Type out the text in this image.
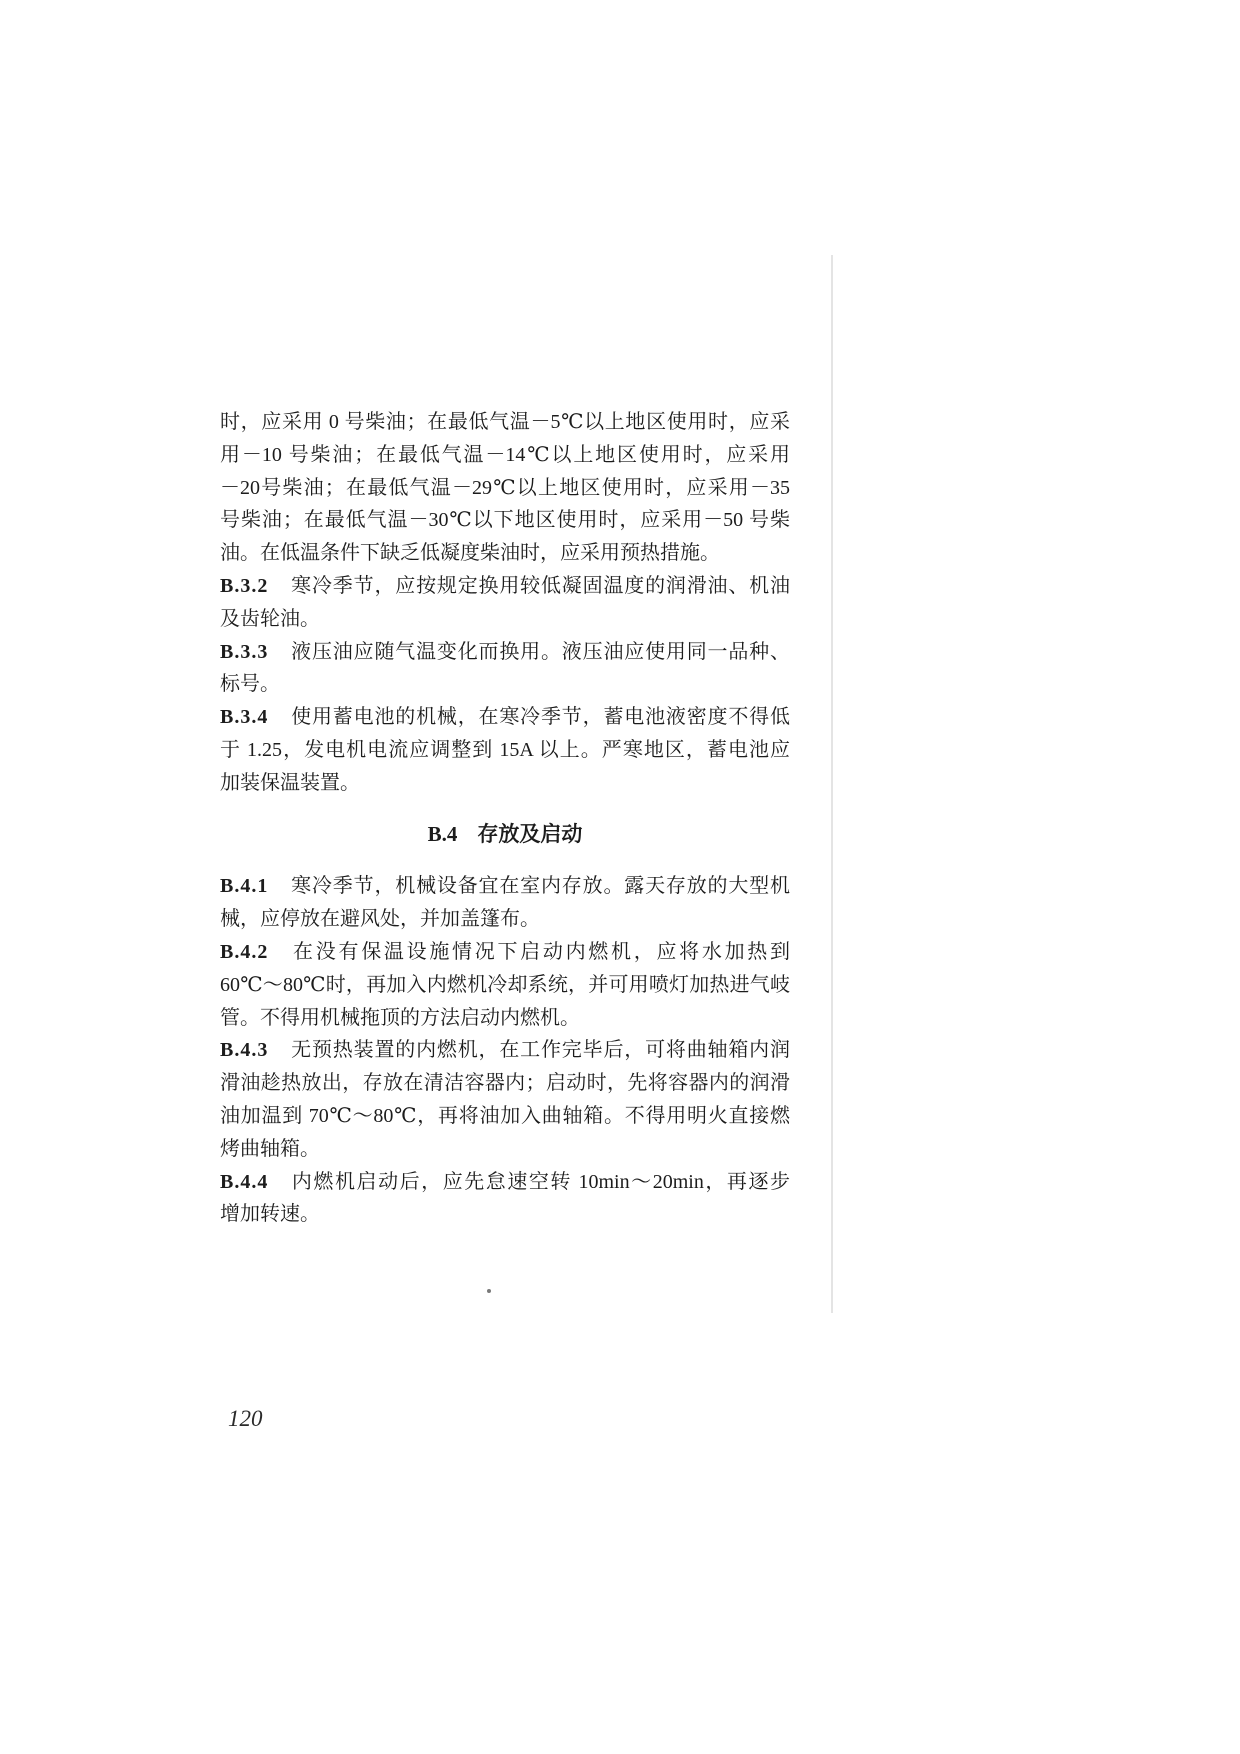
时，应采用 0 号柴油；在最低气温－5℃以上地区使用时，应采
用－10 号柴油；在最低气温－14℃以上地区使用时，应采用
－20号柴油；在最低气温－29℃以上地区使用时，应采用－35
号柴油；在最低气温－30℃以下地区使用时，应采用－50 号柴
油。在低温条件下缺乏低凝度柴油时，应采用预热措施。
B.3.2 寒冷季节，应按规定换用较低凝固温度的润滑油、机油
及齿轮油。
B.3.3 液压油应随气温变化而换用。液压油应使用同一品种、
标号。
B.3.4 使用蓄电池的机械，在寒冷季节，蓄电池液密度不得低
于 1.25，发电机电流应调整到 15A 以上。严寒地区，蓄电池应
加装保温装置。
B.4 存放及启动
B.4.1 寒冷季节，机械设备宜在室内存放。露天存放的大型机
械，应停放在避风处，并加盖篷布。
B.4.2 在没有保温设施情况下启动内燃机，应将水加热到
60℃～80℃时，再加入内燃机冷却系统，并可用喷灯加热进气岐
管。不得用机械拖顶的方法启动内燃机。
B.4.3 无预热装置的内燃机，在工作完毕后，可将曲轴箱内润
滑油趁热放出，存放在清洁容器内；启动时，先将容器内的润滑
油加温到 70℃～80℃，再将油加入曲轴箱。不得用明火直接燃
烤曲轴箱。
B.4.4 内燃机启动后，应先怠速空转 10min～20min，再逐步
增加转速。
120
